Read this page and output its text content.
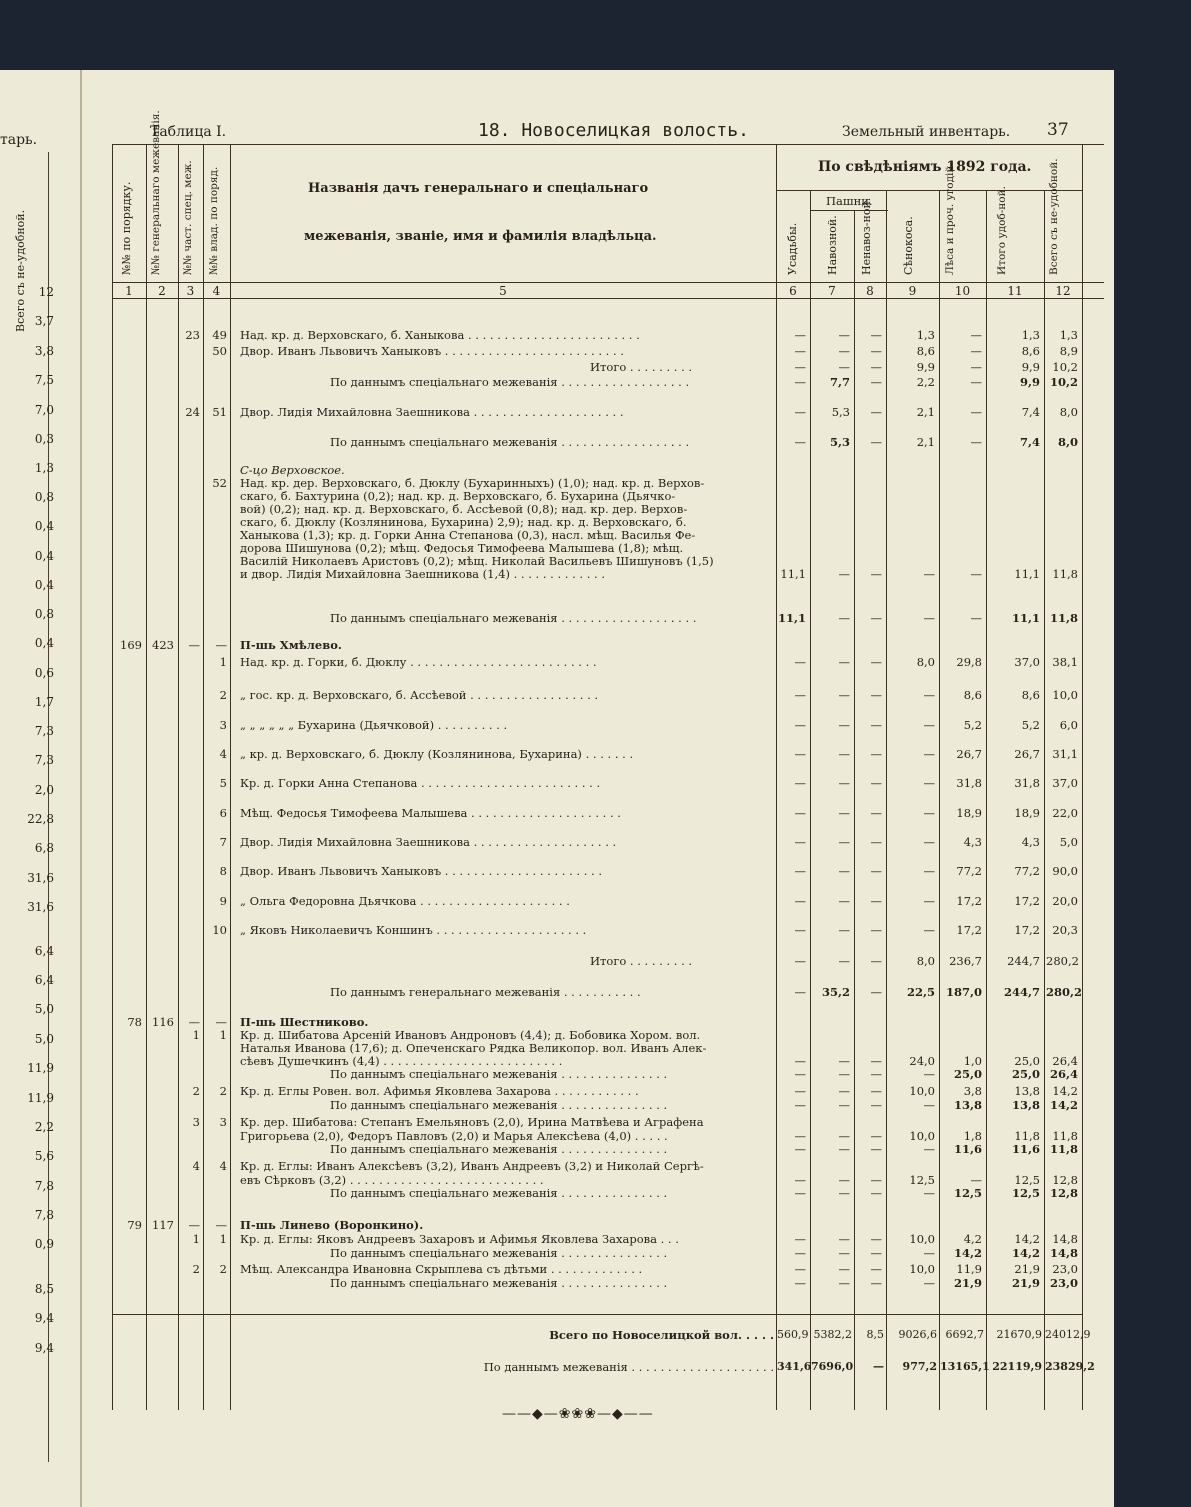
тарь.
Всего съ не-удобной. 12
3,7
3,8
7,5
7,0
0,3
1,3
0,8
0,4
0,4
0,4
0,8
0,4
0,6
1,7
7,3
7,3
2,0
22,8
6,8
31,6
31,6
6,4
6,4
5,0
5,0
11,9
11,9
2,2
5,6
7,8
7,8
0,9
8,5
9,4
9,4
Таблица I.	18. Новоселицкая волость.	Земельный инвентарь. 37
№№ по порядку. №№ генеральнаго межеванія. №№ част. спец. меж. №№ влад. по поряд.	Названія дачъ генеральнаго и спеціальнаго
межеванія, званіе, имя и фамилія владѣльца.
По свѣдѣніямъ 1892 года.
Пашни.
Усадьбы. Навозной. Ненавоз-ной.	Сѣнокоса.	Лѣса и проч. угодій.	Итого удоб-ной.	Всего съ не-удобной.
1	2	3	4	5	6	7	8	9	10	11	12
23	49 Над. кр. д. Верховскаго, б. Ханыкова . . . . . . . . . . . . . . . . . . . . . . . .	—	—	—	1,3	—	1,3	1,3
50 Двор. Иванъ Львовичъ Ханыковъ . . . . . . . . . . . . . . . . . . . . . . . . .	—	—	—	8,6	—	8,6	8,9
Итого . . . . . . . . .	—	—	—	9,9	—	9,9	10,2
По даннымъ спеціальнаго межеванія . . . . . . . . . . . . . . . . . .	—	7,7	—	2,2	—	9,9 10,2
24	51 Двор. Лидія Михайловна Заешникова . . . . . . . . . . . . . . . . . . . . .	—	5,3	—	2,1	—	7,4	8,0
По даннымъ спеціальнаго межеванія . . . . . . . . . . . . . . . . . .	—	5,3	—	2,1	—	7,4	8,0
С-цо Верховское.
52 Над. кр. дер. Верховскаго, б. Дюклу (Бухаринныхъ) (1,0); над. кр. д. Верхов-
скаго, б. Бахтурина (0,2); над. кр. д. Верховскаго, б. Бухарина (Дьячко-
вой) (0,2); над. кр. д. Верховскаго, б. Ассѣевой (0,8); над. кр. дер. Верхов-
скаго, б. Дюклу (Козлянинова, Бухарина) 2,9); над. кр. д. Верховскаго, б.
Ханыкова (1,3); кр. д. Горки Анна Степанова (0,3), насл. мѣщ. Василья Фе-
дорова Шишунова (0,2); мѣщ. Федосья Тимофеева Малышева (1,8); мѣщ.
Василій Николаевъ Аристовъ (0,2); мѣщ. Николай Васильевъ Шишуновъ (1,5)
и двор. Лидія Михайловна Заешникова (1,4) . . . . . . . . . . . . .	11,1	—	—	—	—	11,1	11,8
По даннымъ спеціальнаго межеванія . . . . . . . . . . . . . . . . . . .	11,1	—	—	—	—	11,1 11,8
169 423	—	— П-шь Хмѣлево.
1 Над. кр. д. Горки, б. Дюклу . . . . . . . . . . . . . . . . . . . . . . . . . .	—	—	—	8,0	29,8	37,0	38,1
2 „ гос. кр. д. Верховскаго, б. Ассѣевой . . . . . . . . . . . . . . . . . .	—	—	—	—	8,6	8,6	10,0
3 „ „ „ „ „ „ Бухарина (Дьячковой) . . . . . . . . . .	—	—	—	—	5,2	5,2	6,0
4 „ кр. д. Верховскаго, б. Дюклу (Козлянинова, Бухарина) . . . . . . .	—	—	—	—	26,7	26,7	31,1
5 Кр. д. Горки Анна Степанова . . . . . . . . . . . . . . . . . . . . . . . . .	—	—	—	—	31,8	31,8	37,0
6 Мѣщ. Федосья Тимофеева Малышева . . . . . . . . . . . . . . . . . . . . .	—	—	—	—	18,9	18,9	22,0
7 Двор. Лидія Михайловна Заешникова . . . . . . . . . . . . . . . . . . . .	—	—	—	—	4,3	4,3	5,0
8 Двор. Иванъ Львовичъ Ханыковъ . . . . . . . . . . . . . . . . . . . . . .	—	—	—	—	77,2	77,2	90,0
9 „ Ольга Федоровна Дьячкова . . . . . . . . . . . . . . . . . . . . .	—	—	—	—	17,2	17,2	20,0
10 „ Яковъ Николаевичъ Коншинъ . . . . . . . . . . . . . . . . . . . . .	—	—	—	—	17,2	17,2	20,3
Итого . . . . . . . . .	—	—	—	8,0	236,7	244,7 280,2
По даннымъ генеральнаго межеванія . . . . . . . . . . .	—	35,2	—	22,5 187,0	244,7 280,2
78 116	—	— П-шь Шестниково.
1	1 Кр. д. Шибатова Арсеній Ивановъ Андроновъ (4,4); д. Бобовика Хором. вол.
Наталья Иванова (17,6); д. Опеченскаго Рядка Великопор. вол. Иванъ Алек-
сѣевъ Душечкинъ (4,4) . . . . . . . . . . . . . . . . . . . . . . . . .	—	—	—	24,0	1,0	25,0	26,4
По даннымъ спеціальнаго межеванія . . . . . . . . . . . . . . .	—	—	—	—	25,0	25,0 26,4
2	2 Кр. д. Еглы Ровен. вол. Афимья Яковлева Захарова . . . . . . . . . . . .	—	—	—	10,0	3,8	13,8	14,2
По даннымъ спеціальнаго межеванія . . . . . . . . . . . . . . .	—	—	—	—	13,8	13,8 14,2
3	3 Кр. дер. Шибатова: Степанъ Емельяновъ (2,0), Ирина Матвѣева и Аграфена
Григорьева (2,0), Федоръ Павловъ (2,0) и Марья Алексѣева (4,0) . . . . .	—	—	—	10,0	1,8	11,8	11,8
По даннымъ спеціальнаго межеванія . . . . . . . . . . . . . . .	—	—	—	—	11,6	11,6 11,8
4	4 Кр. д. Еглы: Иванъ Алексѣевъ (3,2), Иванъ Андреевъ (3,2) и Николай Сергѣ-
евъ Сѣрковъ (3,2) . . . . . . . . . . . . . . . . . . . . . . . . . . .	—	—	—	12,5	—	12,5	12,8
По даннымъ спеціальнаго межеванія . . . . . . . . . . . . . . .	—	—	—	—	12,5	12,5 12,8
79 117	—	— П-шь Линево (Воронкино).
1	1 Кр. д. Еглы: Яковъ Андреевъ Захаровъ и Афимья Яковлева Захарова . . .	—	—	—	10,0	4,2	14,2	14,8
По даннымъ спеціальнаго межеванія . . . . . . . . . . . . . . .	—	—	—	—	14,2	14,2 14,8
2	2 Мѣщ. Александра Ивановна Скрыплева съ дѣтьми . . . . . . . . . . . . .	—	—	—	10,0	11,9	21,9	23,0
По даннымъ спеціальнаго межеванія . . . . . . . . . . . . . . .	—	—	—	—	21,9	21,9 23,0
Всего по Новоселицкой вол. . . . . 560,9 5382,2	8,5	9026,6 6692,7	21670,9 24012,9
По даннымъ межеванія . . . . . . . . . . . . . . . . . . . . 341,6 7696,0	—	977,2 13165,1 22119,9 23829,2
——◆—❀❀❀—◆——
